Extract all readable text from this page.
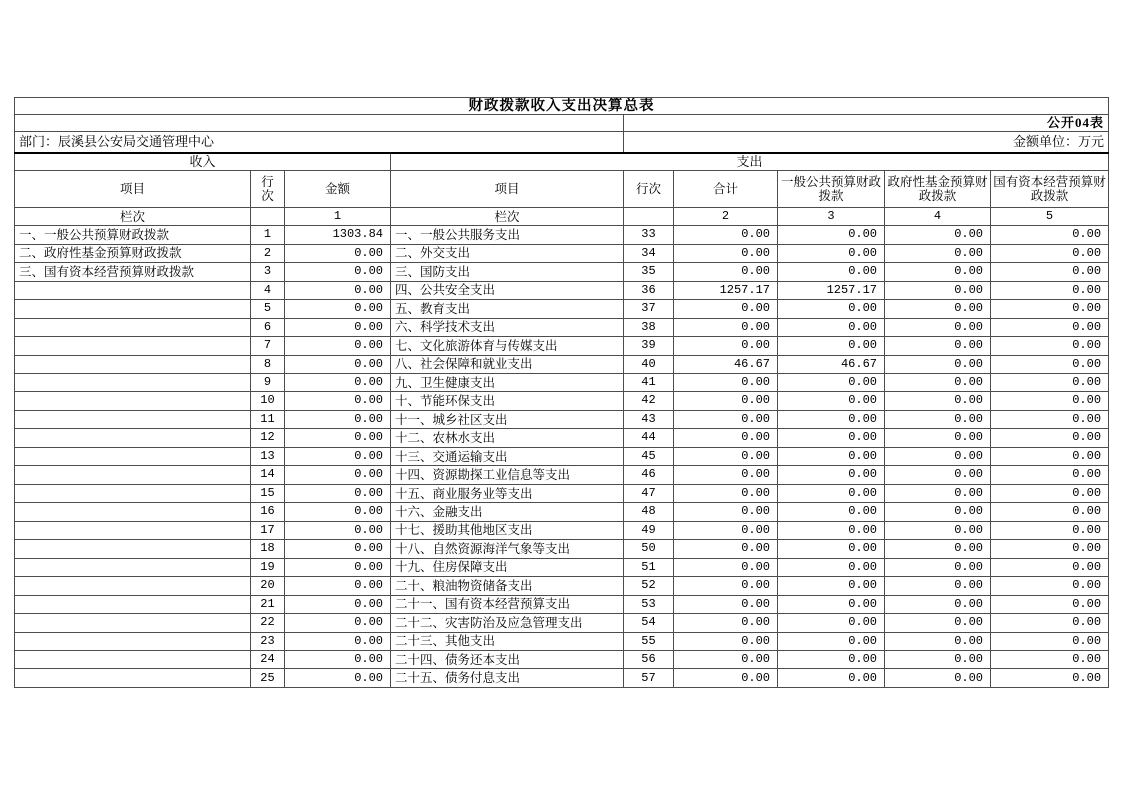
财政拨款收入支出决算总表								
				公开04表				
部门：辰溪县公安局交通管理中心				金额单位：万元				
收入			支出					
项目	行次	金额	项目	行次	合计	一般公共预算财政拨款	政府性基金预算财政拨款	国有资本经营预算财政拨款
栏次		1	栏次		2	3	4	5
一、一般公共预算财政拨款	1	1303.84	一、一般公共服务支出	33	0.00	0.00	0.00	0.00
二、政府性基金预算财政拨款	2	0.00	二、外交支出	34	0.00	0.00	0.00	0.00
三、国有资本经营预算财政拨款	3	0.00	三、国防支出	35	0.00	0.00	0.00	0.00
	4	0.00	四、公共安全支出	36	1257.17	1257.17	0.00	0.00
	5	0.00	五、教育支出	37	0.00	0.00	0.00	0.00
	6	0.00	六、科学技术支出	38	0.00	0.00	0.00	0.00
	7	0.00	七、文化旅游体育与传媒支出	39	0.00	0.00	0.00	0.00
	8	0.00	八、社会保障和就业支出	40	46.67	46.67	0.00	0.00
	9	0.00	九、卫生健康支出	41	0.00	0.00	0.00	0.00
	10	0.00	十、节能环保支出	42	0.00	0.00	0.00	0.00
	11	0.00	十一、城乡社区支出	43	0.00	0.00	0.00	0.00
	12	0.00	十二、农林水支出	44	0.00	0.00	0.00	0.00
	13	0.00	十三、交通运输支出	45	0.00	0.00	0.00	0.00
	14	0.00	十四、资源勘探工业信息等支出	46	0.00	0.00	0.00	0.00
	15	0.00	十五、商业服务业等支出	47	0.00	0.00	0.00	0.00
	16	0.00	十六、金融支出	48	0.00	0.00	0.00	0.00
	17	0.00	十七、援助其他地区支出	49	0.00	0.00	0.00	0.00
	18	0.00	十八、自然资源海洋气象等支出	50	0.00	0.00	0.00	0.00
	19	0.00	十九、住房保障支出	51	0.00	0.00	0.00	0.00
	20	0.00	二十、粮油物资储备支出	52	0.00	0.00	0.00	0.00
	21	0.00	二十一、国有资本经营预算支出	53	0.00	0.00	0.00	0.00
	22	0.00	二十二、灾害防治及应急管理支出	54	0.00	0.00	0.00	0.00
	23	0.00	二十三、其他支出	55	0.00	0.00	0.00	0.00
	24	0.00	二十四、债务还本支出	56	0.00	0.00	0.00	0.00
	25	0.00	二十五、债务付息支出	57	0.00	0.00	0.00	0.00
